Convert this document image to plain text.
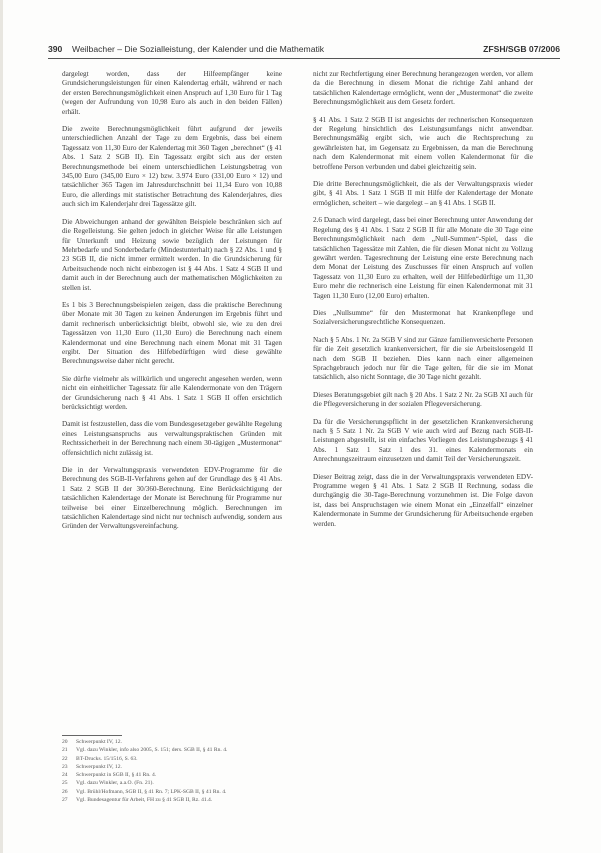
390 Weilbacher – Die Sozialleistung, der Kalender und die Mathematik	ZFSH/SGB 07/2006

dargelegt worden, dass der Hilfeempfänger keine Grundsicherungsleistungen für einen Kalendertag erhält, während er nach der ersten Berechnungsmöglichkeit einen Anspruch auf 1,30 Euro für 1 Tag (wegen der Aufrundung von 10,98 Euro als auch in den beiden Fällen) erhält.

Die zweite Berechnungsmöglichkeit führt aufgrund der jeweils unterschiedlichen Anzahl der Tage zu dem Ergebnis, dass bei einem Tagessatz von 11,30 Euro der Kalendertag mit 360 Tagen „berechnet“ (§ 41 Abs. 1 Satz 2 SGB II). Ein Tagessatz ergibt sich aus der ersten Berechnungsmethode bei einem unterschiedlichen Leistungsbetrag von 345,00 Euro (345,00 Euro × 12) bzw. 3.974 Euro (331,00 Euro × 12) und tatsächlicher 365 Tagen im Jahresdurchschnitt bei 11,34 Euro von 10,88 Euro, die allerdings mit statistischer Betrachtung des Kalenderjahres, dies auch sich im Kalenderjahr drei Tagessätze gilt.

Die Abweichungen anhand der gewählten Beispiele beschränken sich auf die Regelleistung. Sie gelten jedoch in gleicher Weise für alle Leistungen für Unterkunft und Heizung sowie bezüglich der Leistungen für Mehrbedarfe und Sonderbedarfe (Mindestunterhalt) nach § 22 Abs. 1 und § 23 SGB II, die nicht immer ermittelt werden. In die Grundsicherung für Arbeitsuchende noch nicht einbezogen ist § 44 Abs. 1 Satz 4 SGB II und damit auch in der Berechnung auch der mathematischen Möglichkeiten zu stellen ist.

Es 1 bis 3 Berechnungsbeispielen zeigen, dass die praktische Berechnung über Monate mit 30 Tagen zu keinen Änderungen im Ergebnis führt und damit rechnerisch unberücksichtigt bleibt, obwohl sie, wie zu den drei Tagessätzen von 11,30 Euro (11,30 Euro) die Berechnung nach einem Kalendermonat und eine Berechnung nach einem Monat mit 31 Tagen ergibt. Der Situation des Hilfebedürftigen wird diese gewählte Berechnungsweise daher nicht gerecht.

Sie dürfte vielmehr als willkürlich und ungerecht angesehen werden, wenn nicht ein einheitlicher Tagessatz für alle Kalendermonate von den Trägern der Grundsicherung nach § 41 Abs. 1 Satz 1 SGB II offen ersichtlich berücksichtigt werden.

Damit ist festzustellen, dass die vom Bundesgesetzgeber gewählte Regelung eines Leistungsanspruchs aus verwaltungspraktischen Gründen mit Rechtssicherheit in der Berechnung nach einem 30-tägigen „Mustermonat“ offensichtlich nicht zulässig ist.

Die in der Verwaltungspraxis verwendeten EDV-Programme für die Berechnung des SGB-II-Verfahrens gehen auf der Grundlage des § 41 Abs. 1 Satz 2 SGB II der 30/360-Berechnung. Eine Berücksichtigung der tatsächlichen Kalendertage der Monate ist Berechnung für Programme nur teilweise bei einer Einzelberechnung möglich. Berechnungen im tatsächlichen Kalendertage sind nicht nur technisch aufwendig, sondern aus Gründen der Verwaltungsvereinfachung.

nicht zur Rechtfertigung einer Berechnung herangezogen werden, vor allem da die Berechnung in diesem Monat die richtige Zahl anhand der tatsächlichen Kalendertage ermöglicht, wenn der „Mustermonat“ die zweite Berechnungsmöglichkeit aus dem Gesetz fordert.

§ 41 Abs. 1 Satz 2 SGB II ist angesichts der rechnerischen Konsequenzen der Regelung hinsichtlich des Leistungsumfangs nicht anwendbar. Berechnungsmäßig ergibt sich, wie auch die Rechtsprechung zu gewährleisten hat, im Gegensatz zu Ergebnissen, da man die Berechnung nach dem Kalendermonat mit einem vollen Kalendermonat für die betroffene Person verbunden und dabei gleichzeitig sein.

Die dritte Berechnungsmöglichkeit, die als der Verwaltungspraxis wieder gibt, § 41 Abs. 1 Satz 1 SGB II mit Hilfe der Kalendertage der Monate ermöglichen, scheitert – wie dargelegt – an § 41 Abs. 1 SGB II.

2.6 Danach wird dargelegt, dass bei einer Berechnung unter Anwendung der Regelung des § 41 Abs. 1 Satz 2 SGB II für alle Monate die 30 Tage eine Berechnungsmöglichkeit nach dem „Null-Summen“-Spiel, dass die tatsächlichen Tagessätze mit Zahlen, die für diesen Monat nicht zu Vollzug gewährt werden. Tagesrechnung der Leistung eine erste Berechnung nach dem Monat der Leistung des Zuschusses für einen Anspruch auf vollen Tagessatz von 11,30 Euro zu erhalten, weil der Hilfebedürftige um 11,30 Euro mehr die rechnerisch eine Leistung für einen Kalendermonat mit 31 Tagen 11,30 Euro (12,00 Euro) erhalten.

Dies „Nullsumme“ für den Mustermonat hat Krankenpflege und Sozialversicherungsrechtliche Konsequenzen.

Nach § 5 Abs. 1 Nr. 2a SGB V sind zur Gänze familienversicherte Personen für die Zeit gesetzlich krankenversichert, für die sie Arbeitslosengeld II nach dem SGB II beziehen. Dies kann nach einer allgemeinen Sprachgebrauch jedoch nur für die Tage gelten, für die sie im Monat tatsächlich, also nicht Sonntage, die 30 Tage nicht gezahlt.

Dieses Beratungsgebiet gilt nach § 20 Abs. 1 Satz 2 Nr. 2a SGB XI auch für die Pflegeversicherung in der sozialen Pflegeversicherung.

Da für die Versicherungspflicht in der gesetzlichen Krankenversicherung nach § 5 Satz 1 Nr. 2a SGB V wie auch wird auf Bezug nach SGB-II-Leistungen abgestellt, ist ein einfaches Vorliegen des Leistungsbezugs § 41 Abs. 1 Satz 1 Satz 1 des 31. eines Kalendermonats ein Anrechnungszeitraum einzusetzen und damit Teil der Versicherungszeit.

Dieser Beitrag zeigt, dass die in der Verwaltungspraxis verwendeten EDV-Programme wegen § 41 Abs. 1 Satz 2 SGB II Rechnung, sodass die durchgängig die 30-Tage-Berechnung vorzunehmen ist. Die Folge davon ist, dass bei Anspruchstagen wie einem Monat ein „Einzelfall“ einzelner Kalendermonate in Summe der Grundsicherung für Arbeitsuchende ergeben werden.

20 Schwerpunkt IV, 12.
21 Vgl. dazu Winkler, info also 2005, S. 151; ders. SGB II, § 41 Rn. 4.
22 BT-Drucks. 15/1516, S. 63.
23 Schwerpunkt IV, 12.
24 Schwerpunkt in SGB II, § 41 Rn. 4.
25 Vgl. dazu Winkler, a.a.O. (Fn. 21).
26 Vgl. Brühl/Hofmann, SGB II, § 41 Rn. 7; LPK-SGB II, § 41 Rn. 4.
27 Vgl. Bundesagentur für Arbeit, FH zu § 41 SGB II, Rz. 41.4.
